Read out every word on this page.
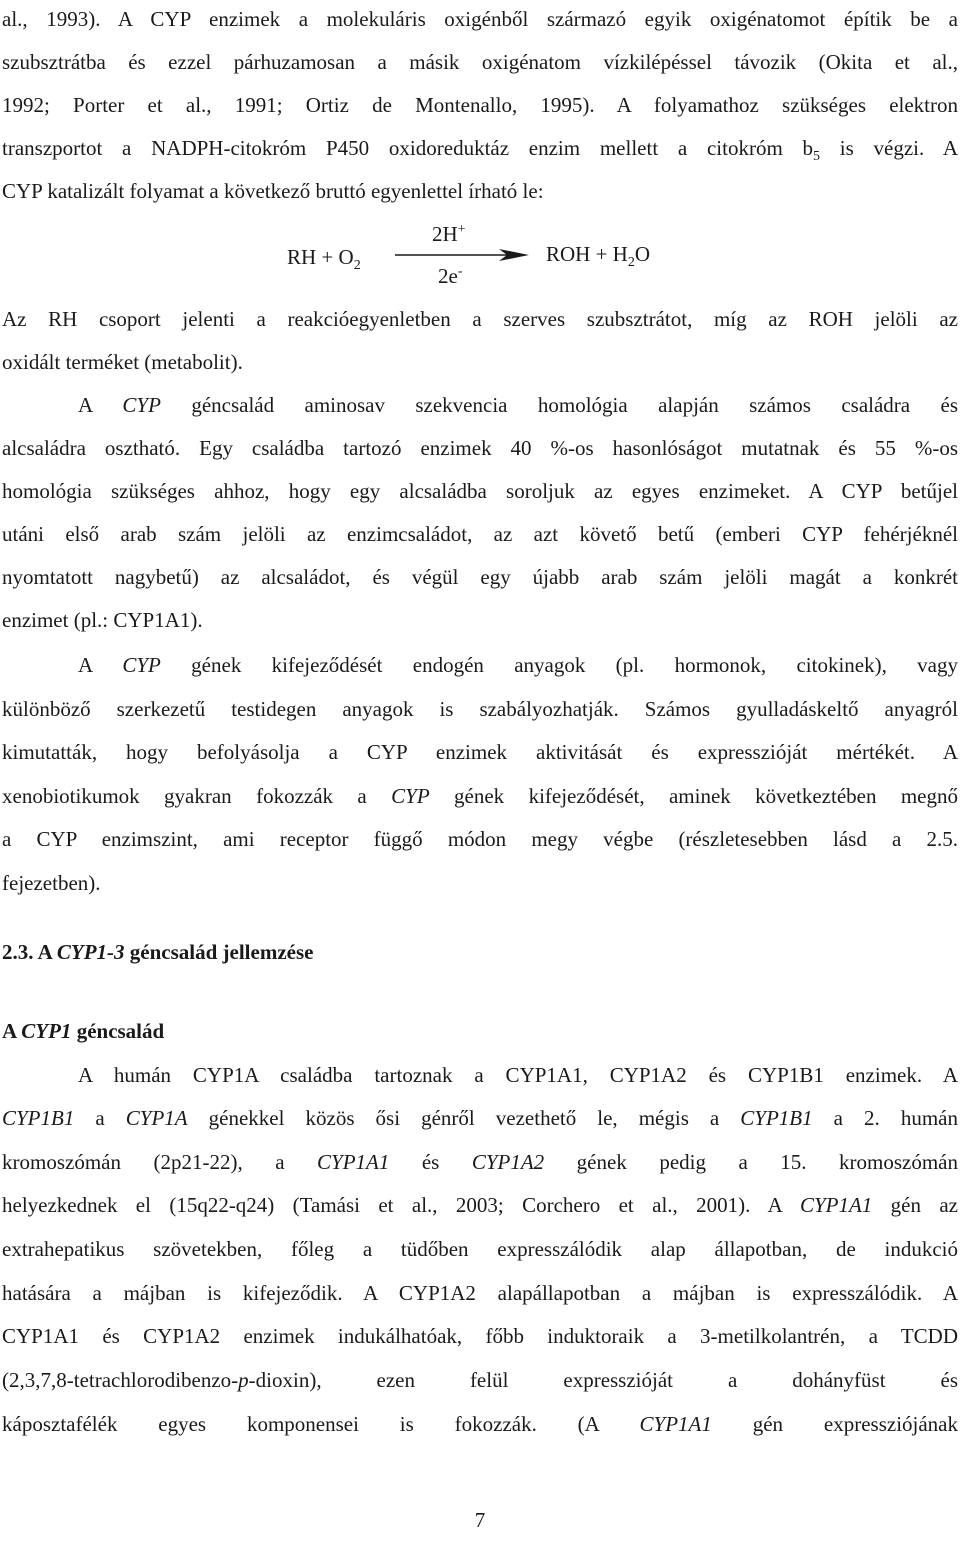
al., 1993). A CYP enzimek a molekuláris oxigénből származó egyik oxigénatomot építik be a
szubsztrátba és ezzel párhuzamosan a másik oxigénatom vízkilépéssel távozik (Okita et al.,
1992; Porter et al., 1991; Ortiz de Montenallo, 1995). A folyamathoz szükséges elektron
transzportot a NADPH-citokróm P450 oxidoreduktáz enzim mellett a citokróm $b_5$ is végzi. A
CYP katalizált folyamat a következő bruttó egyenlettel írható le:
RH + $O_2$
2H+
2e-
ROH + $H_2O$
Az RH csoport jelenti a reakcióegyenletben a szerves szubsztrátot, míg az ROH jelöli az
oxidált terméket (metabolit).
A CYP géncsalád aminosav szekvencia homológia alapján számos családra és
alcsaládra osztható. Egy családba tartozó enzimek 40 %-os hasonlóságot mutatnak és 55 %-os
homológia szükséges ahhoz, hogy egy alcsaládba soroljuk az egyes enzimeket. A CYP betűjel
utáni első arab szám jelöli az enzimcsaládot, az azt követő betű (emberi CYP fehérjéknél
nyomtatott nagybetű) az alcsaládot, és végül egy újabb arab szám jelöli magát a konkrét
enzimet (pl.: CYP1A1).
A CYP gének kifejeződését endogén anyagok (pl. hormonok, citokinek), vagy
különböző szerkezetű testidegen anyagok is szabályozhatják. Számos gyulladáskeltő anyagról
kimutatták, hogy befolyásolja a CYP enzimek aktivitását és expresszióját mértékét. A
xenobiotikumok gyakran fokozzák a CYP gének kifejeződését, aminek következtében megnő
a CYP enzimszint, ami receptor függő módon megy végbe (részletesebben lásd a 2.5.
fejezetben).
2.3. A CYP1-3 géncsalád jellemzése
A CYP1 géncsalád
A humán CYP1A családba tartoznak a CYP1A1, CYP1A2 és CYP1B1 enzimek. A
CYP1B1 a CYP1A génekkel közös ősi génről vezethető le, mégis a CYP1B1 a 2. humán
kromoszómán (2p21-22), a CYP1A1 és CYP1A2 gének pedig a 15. kromoszómán
helyezkednek el (15q22-q24) (Tamási et al., 2003; Corchero et al., 2001). A CYP1A1 gén az
extrahepatikus szövetekben, főleg a tüdőben expresszálódik alap állapotban, de indukció
hatására a májban is kifejeződik. A CYP1A2 alapállapotban a májban is expresszálódik. A
CYP1A1 és CYP1A2 enzimek indukálhatóak, főbb induktoraik a 3-metilkolantrén, a TCDD
(2,3,7,8-tetrachlorodibenzo-p-dioxin), ezen felül expresszióját a dohányfüst és
káposztafélék egyes komponensei is fokozzák. (A CYP1A1 gén expressziójának
7
